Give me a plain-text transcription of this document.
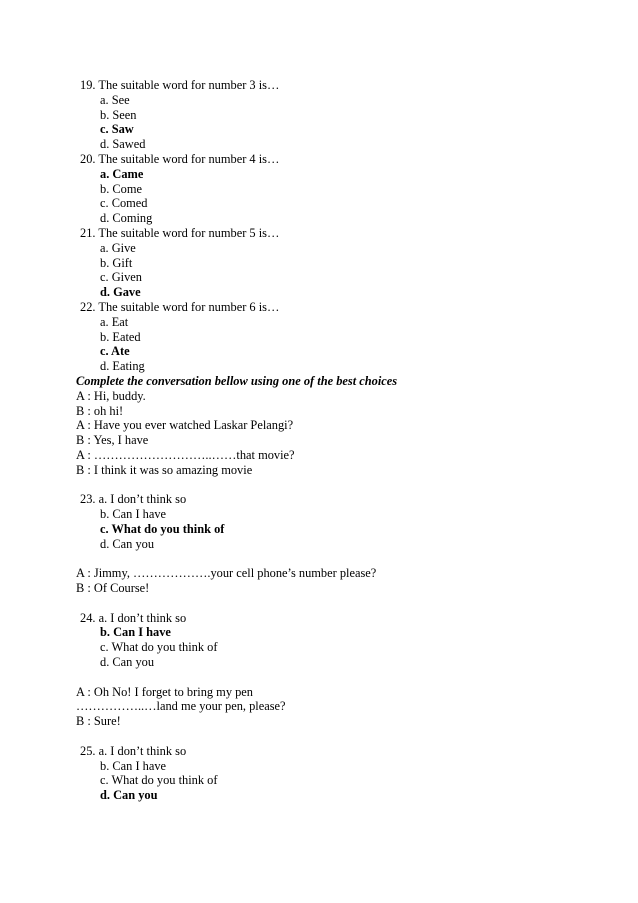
19. The suitable word for number 3 is…
a. See
b. Seen
c. Saw
d. Sawed
20. The suitable word for number 4 is…
a. Came
b. Come
c. Comed
d. Coming
21. The suitable word for number 5 is…
a. Give
b. Gift
c. Given
d. Gave
22. The suitable word for number 6 is…
a. Eat
b. Eated
c. Ate
d. Eating
Complete the conversation bellow using one of the best choices
A : Hi, buddy.
B : oh hi!
A : Have you ever watched Laskar Pelangi?
B : Yes, I have
A : ………………………..……that movie?
B : I think it was so amazing movie
23. a. I don’t think so
b. Can I have
c. What do you think of
d. Can you
A : Jimmy, ……………….your cell phone’s number please?
B : Of Course!
24. a. I don’t think so
b. Can I have
c. What do you think of
d. Can you
A : Oh No! I forget to bring my pen
……………..…land me your pen, please?
B : Sure!
25. a. I don’t think so
b. Can I have
c. What do you think of
d. Can you
